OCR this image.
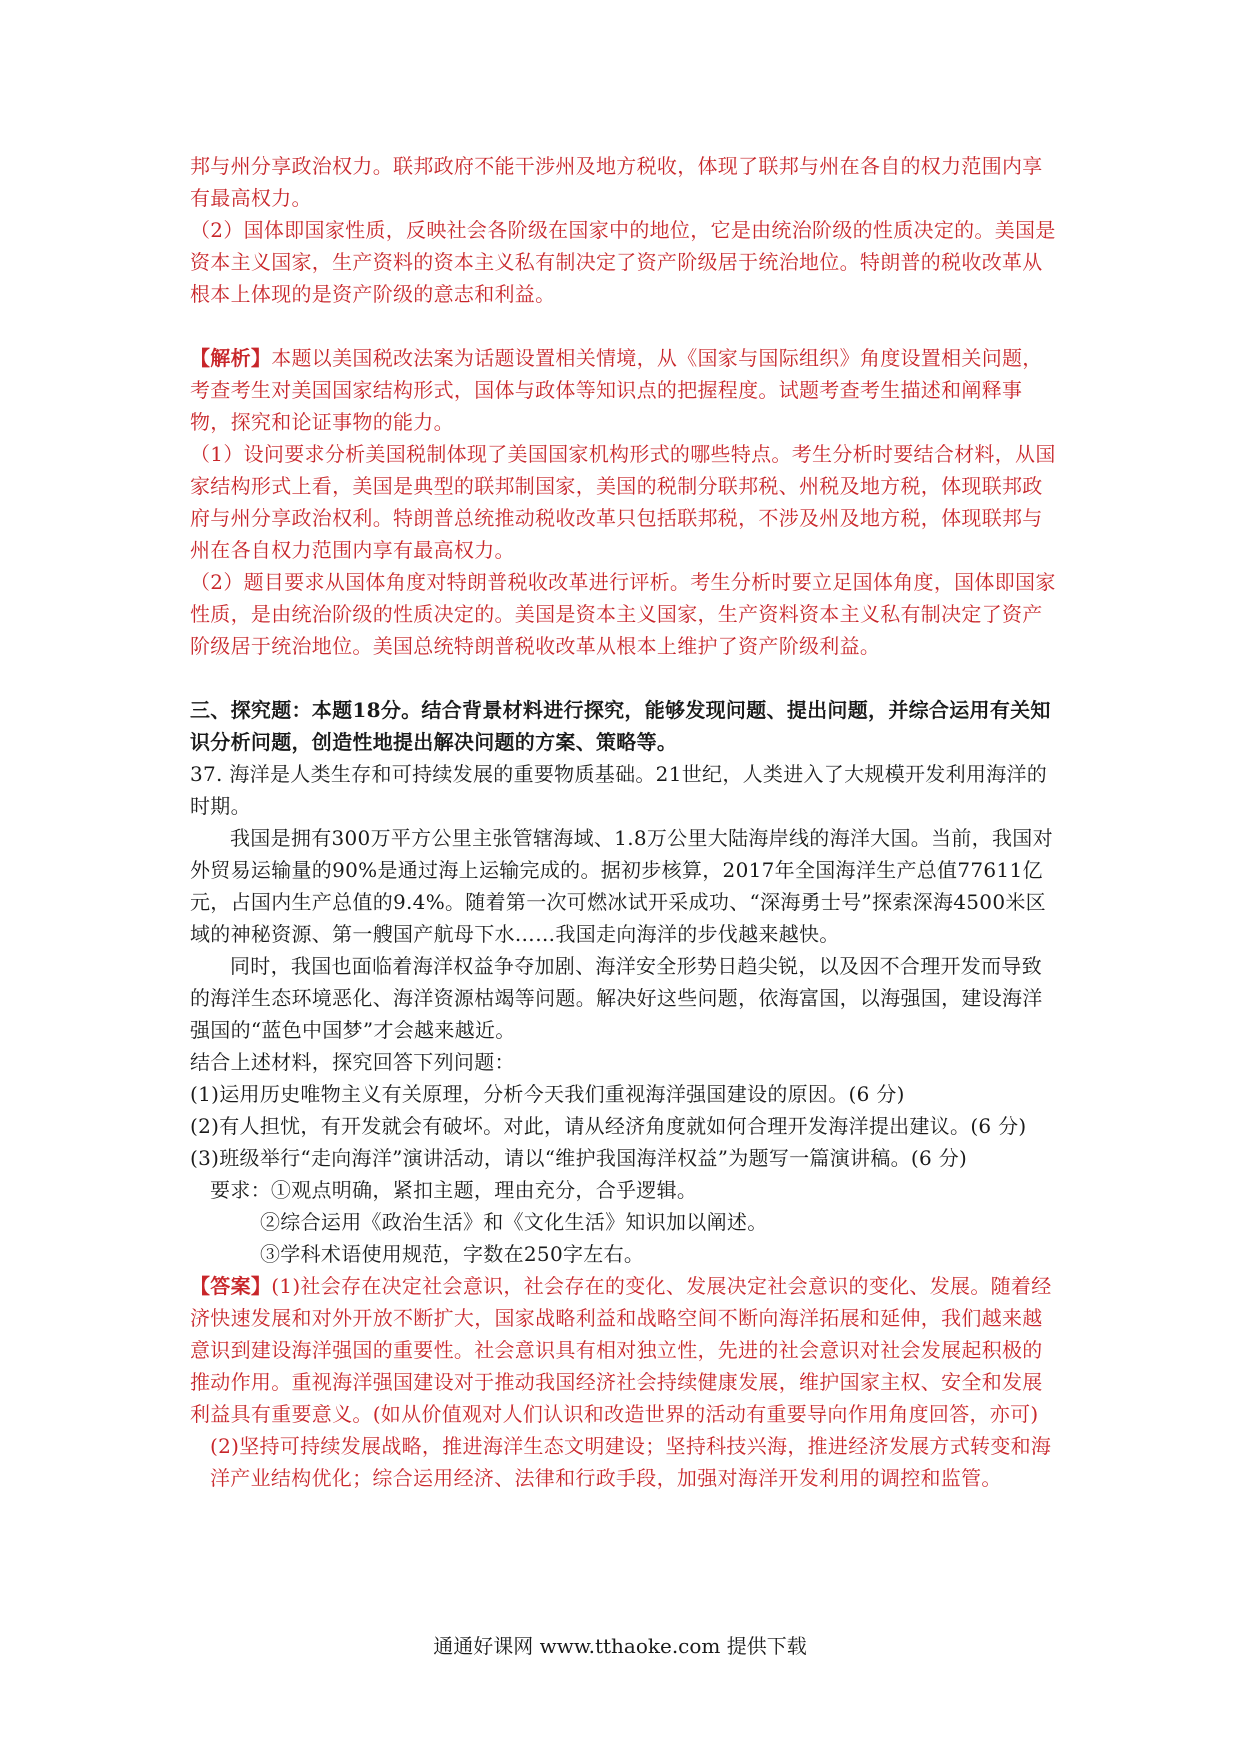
邦与州分享政治权力。联邦政府不能干涉州及地方税收，体现了联邦与州在各自的权力范围内享有最高权力。

（2）国体即国家性质，反映社会各阶级在国家中的地位，它是由统治阶级的性质决定的。美国是资本主义国家，生产资料的资本主义私有制决定了资产阶级居于统治地位。特朗普的税收改革从根本上体现的是资产阶级的意志和利益。

【解析】本题以美国税改法案为话题设置相关情境，从《国家与国际组织》角度设置相关问题，考查考生对美国国家结构形式，国体与政体等知识点的把握程度。试题考查考生描述和阐释事物，探究和论证事物的能力。

（1）设问要求分析美国税制体现了美国国家机构形式的哪些特点。考生分析时要结合材料，从国家结构形式上看，美国是典型的联邦制国家，美国的税制分联邦税、州税及地方税，体现联邦政府与州分享政治权利。特朗普总统推动税收改革只包括联邦税，不涉及州及地方税，体现联邦与州在各自权力范围内享有最高权力。

（2）题目要求从国体角度对特朗普税收改革进行评析。考生分析时要立足国体角度，国体即国家性质，是由统治阶级的性质决定的。美国是资本主义国家，生产资料资本主义私有制决定了资产阶级居于统治地位。美国总统特朗普税收改革从根本上维护了资产阶级利益。

三、探究题：本题18分。结合背景材料进行探究，能够发现问题、提出问题，并综合运用有关知识分析问题，创造性地提出解决问题的方案、策略等。

37. 海洋是人类生存和可持续发展的重要物质基础。21世纪，人类进入了大规模开发利用海洋的时期。

我国是拥有300万平方公里主张管辖海域、1.8万公里大陆海岸线的海洋大国。当前，我国对外贸易运输量的90%是通过海上运输完成的。据初步核算，2017年全国海洋生产总值77611亿元，占国内生产总值的9.4%。随着第一次可燃冰试开采成功、“深海勇士号”探索深海4500米区域的神秘资源、第一艘国产航母下水……我国走向海洋的步伐越来越快。

同时，我国也面临着海洋权益争夺加剧、海洋安全形势日趋尖锐，以及因不合理开发而导致的海洋生态环境恶化、海洋资源枯竭等问题。解决好这些问题，依海富国，以海强国，建设海洋强国的“蓝色中国梦”才会越来越近。

结合上述材料，探究回答下列问题：

(1)运用历史唯物主义有关原理，分析今天我们重视海洋强国建设的原因。(6 分)

(2)有人担忧，有开发就会有破坏。对此，请从经济角度就如何合理开发海洋提出建议。(6 分)

(3)班级举行“走向海洋”演讲活动，请以“维护我国海洋权益”为题写一篇演讲稿。(6 分)

要求：①观点明确，紧扣主题，理由充分，合乎逻辑。

②综合运用《政治生活》和《文化生活》知识加以阐述。

③学科术语使用规范，字数在250字左右。

【答案】(1)社会存在决定社会意识，社会存在的变化、发展决定社会意识的变化、发展。随着经济快速发展和对外开放不断扩大，国家战略利益和战略空间不断向海洋拓展和延伸，我们越来越意识到建设海洋强国的重要性。社会意识具有相对独立性，先进的社会意识对社会发展起积极的推动作用。重视海洋强国建设对于推动我国经济社会持续健康发展，维护国家主权、安全和发展利益具有重要意义。(如从价值观对人们认识和改造世界的活动有重要导向作用角度回答，亦可)

(2)坚持可持续发展战略，推进海洋生态文明建设；坚持科技兴海，推进经济发展方式转变和海洋产业结构优化；综合运用经济、法律和行政手段，加强对海洋开发利用的调控和监管。

通通好课网 www.tthaoke.com 提供下载
